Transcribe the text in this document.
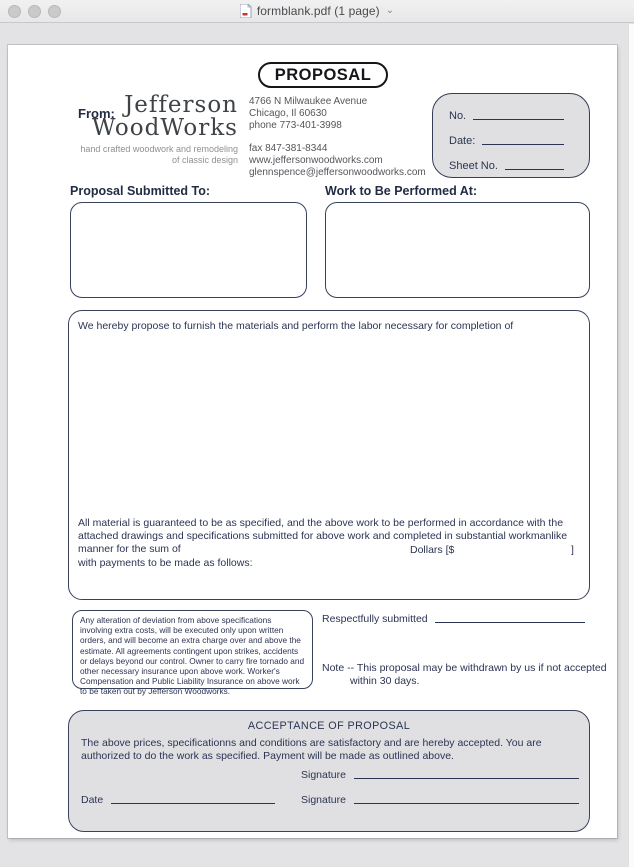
formblank.pdf (1 page) ⌄
PROPOSAL
From: Jefferson
WoodWorks
hand crafted woodwork and remodeling
of classic design
4766 N Milwaukee Avenue
Chicago, Il 60630
phone 773-401-3998
fax 847-381-8344
www.jeffersonwoodworks.com
glennspence@jeffersonwoodworks.com
No.
Date:
Sheet No.
Proposal Submitted To:	Work to Be Performed At:
We hereby propose to furnish the materials and perform the labor necessary for completion of
All material is guaranteed to be as specified, and the above work to be performed in accordance with the attached drawings and specifications submitted for above work and completed in substantial workmanlike manner for the sum of	Dollars [$	]
with payments to be made as follows:
Any alteration of deviation from above specifications involving extra costs, will be executed only upon written orders, and will become an extra charge over and above the estimate. All agreements contingent upon strikes, accidents or delays beyond our control. Owner to carry fire tornado and other necessary insurance upon above work. Worker's Compensation and Public Liability Insurance on above work to be taken out by Jefferson Woodworks.
Respectfully submitted
Note -- This proposal may be withdrawn by us if not accepted
within 30 days.
ACCEPTANCE OF PROPOSAL
The above prices, specificationns and conditions are satisfactory and are hereby accepted. You are authorized to do the work as specified. Payment will be made as outlined above.
Signature
Date	Signature
